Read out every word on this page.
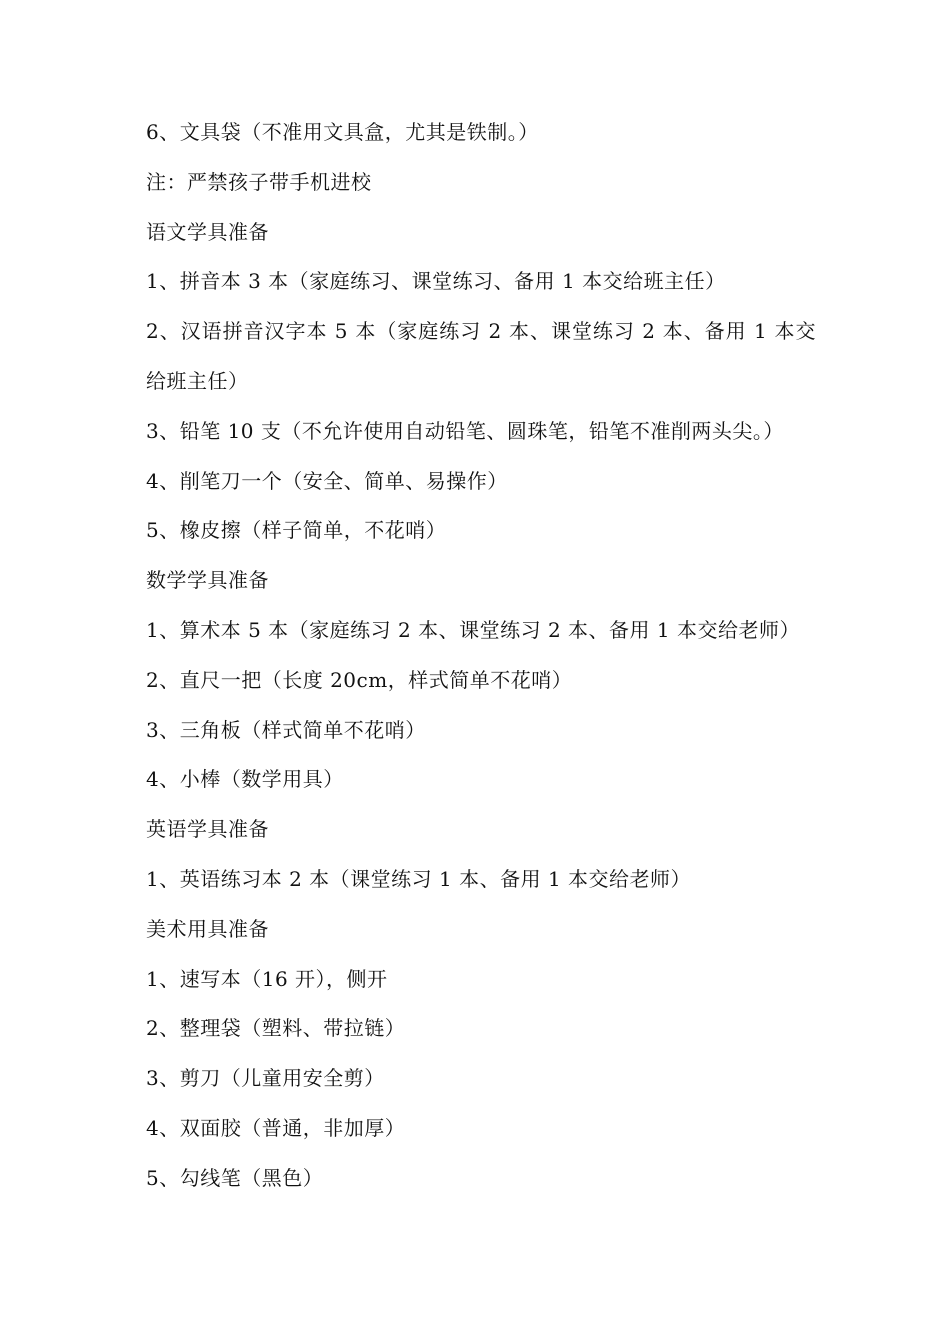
6、文具袋（不准用文具盒，尤其是铁制。）
注：严禁孩子带手机进校
语文学具准备
1、拼音本 3 本（家庭练习、课堂练习、备用 1 本交给班主任）
2、汉语拼音汉字本 5 本（家庭练习 2 本、课堂练习 2 本、备用 1 本交给班主任）
3、铅笔 10 支（不允许使用自动铅笔、圆珠笔，铅笔不准削两头尖。）
4、削笔刀一个（安全、简单、易操作）
5、橡皮擦（样子简单，不花哨）
数学学具准备
1、算术本 5 本（家庭练习 2 本、课堂练习 2 本、备用 1 本交给老师）
2、直尺一把（长度 20cm，样式简单不花哨）
3、三角板（样式简单不花哨）
4、小棒（数学用具）
英语学具准备
1、英语练习本 2 本（课堂练习 1 本、备用 1 本交给老师）
美术用具准备
1、速写本（16 开），侧开
2、整理袋（塑料、带拉链）
3、剪刀（儿童用安全剪）
4、双面胶（普通，非加厚）
5、勾线笔（黑色）
